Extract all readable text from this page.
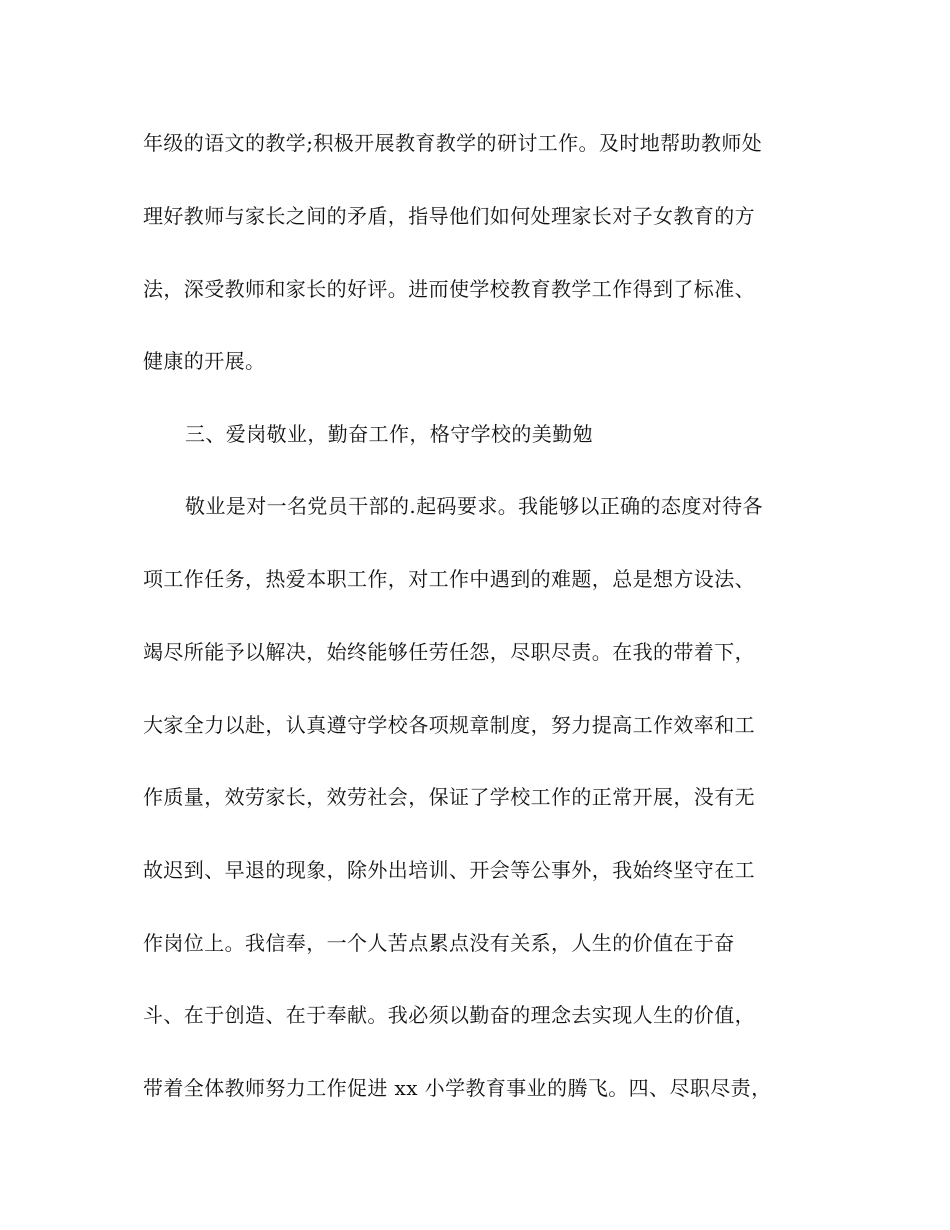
年级的语文的教学;积极开展教育教学的研讨工作。及时地帮助教师处
理好教师与家长之间的矛盾，指导他们如何处理家长对子女教育的方
法，深受教师和家长的好评。进而使学校教育教学工作得到了标准、
健康的开展。
三、爱岗敬业，勤奋工作，格守学校的美勤勉
敬业是对一名党员干部的.起码要求。我能够以正确的态度对待各
项工作任务，热爱本职工作，对工作中遇到的难题，总是想方设法、
竭尽所能予以解决，始终能够任劳任怨，尽职尽责。在我的带着下，
大家全力以赴，认真遵守学校各项规章制度，努力提高工作效率和工
作质量，效劳家长，效劳社会，保证了学校工作的正常开展，没有无
故迟到、早退的现象，除外出培训、开会等公事外，我始终坚守在工
作岗位上。我信奉，一个人苦点累点没有关系，人生的价值在于奋
斗、在于创造、在于奉献。我必须以勤奋的理念去实现人生的价值，
带着全体教师努力工作促进 xx 小学教育事业的腾飞。四、尽职尽责，
